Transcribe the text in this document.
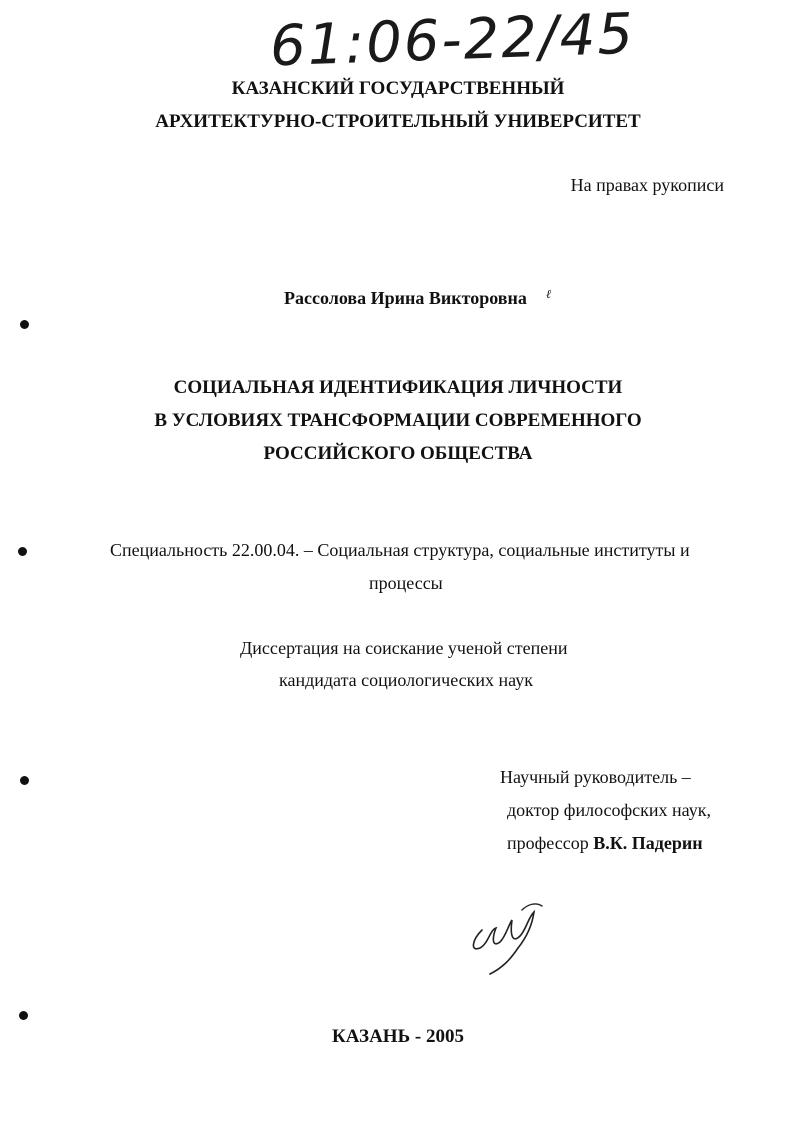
61:06-22/45
КАЗАНСКИЙ ГОСУДАРСТВЕННЫЙ
АРХИТЕКТУРНО-СТРОИТЕЛЬНЫЙ УНИВЕРСИТЕТ
На правах рукописи
Рассолова Ирина Викторовна ℓ
СОЦИАЛЬНАЯ ИДЕНТИФИКАЦИЯ ЛИЧНОСТИ
В УСЛОВИЯХ ТРАНСФОРМАЦИИ СОВРЕМЕННОГО
РОССИЙСКОГО ОБЩЕСТВА
Специальность 22.00.04. – Социальная структура, социальные институты и
процессы
Диссертация на соискание ученой степени
кандидата социологических наук
Научный руководитель –
доктор философских наук,
профессор В.К. Падерин
КАЗАНЬ - 2005
